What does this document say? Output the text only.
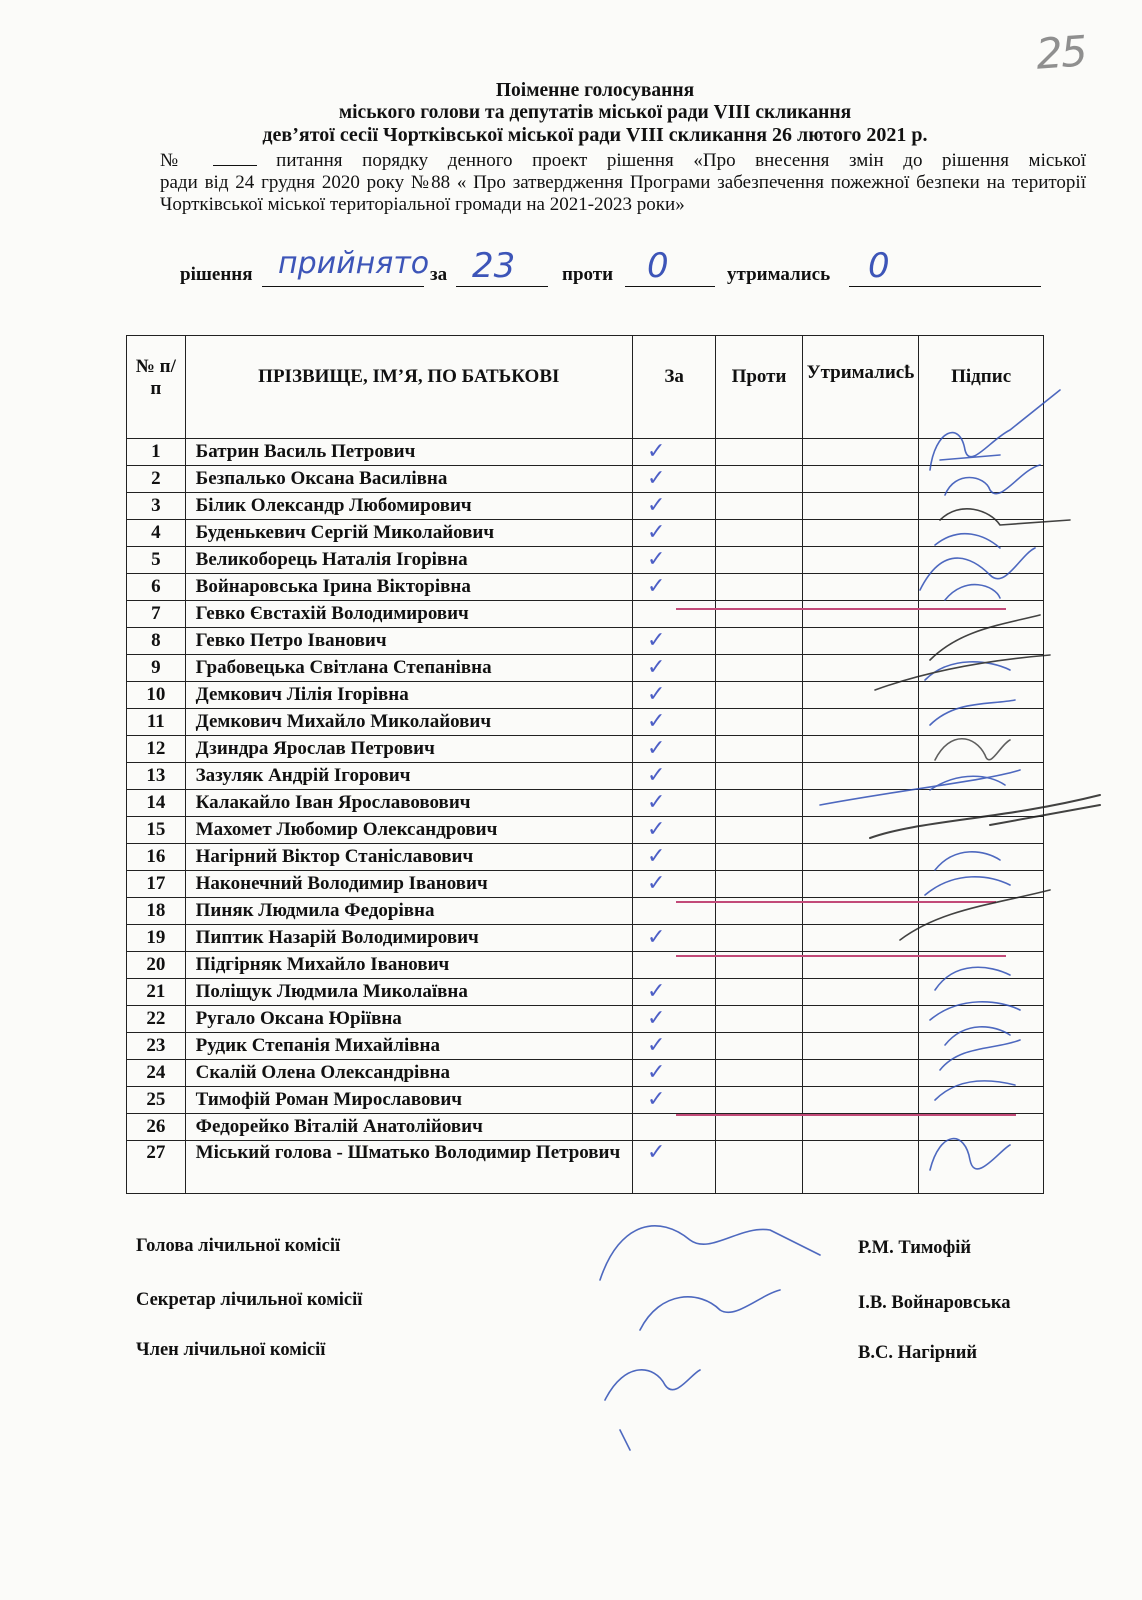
25
Поіменне голосування
міського голови та депутатів міської ради VIII скликання
дев’ятої сесії Чортківської міської ради VIII скликання 26 лютого 2021 р.
№	питання порядку денного проект рішення «Про внесення змін до рішення міської
ради від 24 грудня 2020 року №88 « Про затвердження Програми забезпечення пожежної безпеки на території Чортківської міської територіальної громади на 2021-2023 роки»
рішення прийнято за 23 проти 0	утримались 0
№ п/п	ПРІЗВИЩЕ, ІМ’Я, ПО БАТЬКОВІ	За	Проти	Утрималисҍ	Підпис
1	Батрин Василь Петрович	✓			
2	Безпалько Оксана Василівна	✓			
3	Білик Олександр Любомирович	✓			
4	Буденькевич Сергій Миколайович	✓			
5	Великоборець Наталія Ігорівна	✓			
6	Войнаровська Ірина Вікторівна	✓			
7	Гевко Євстахій Володимирович				
8	Гевко Петро Іванович	✓			
9	Грабовецька Світлана Степанівна	✓			
10	Демкович Лілія Ігорівна	✓			
11	Демкович Михайло Миколайович	✓			
12	Дзиндра Ярослав Петрович	✓			
13	Зазуляк Андрій Ігорович	✓			
14	Калакайло Іван Ярославовович	✓			
15	Махомет Любомир Олександрович	✓			
16	Нагірний Віктор Станіславович	✓			
17	Наконечний Володимир Іванович	✓			
18	Пиняк Людмила Федорівна				
19	Пиптик Назарій Володимирович	✓			
20	Підгірняк Михайло Іванович				
21	Поліщук Людмила Миколаївна	✓			
22	Ругало Оксана Юріївна	✓			
23	Рудик Степанія Михайлівна	✓			
24	Скалій Олена Олександрівна	✓			
25	Тимофій Роман Мирославович	✓			
26	Федорейко Віталій Анатолійович				
27	Міський голова - Шматько Володимир Петрович	✓			
Голова лічильної комісії	Р.М. Тимофій
Секретар лічильної комісії	І.В. Войнаровська
Член лічильної комісії	В.С. Нагірний
